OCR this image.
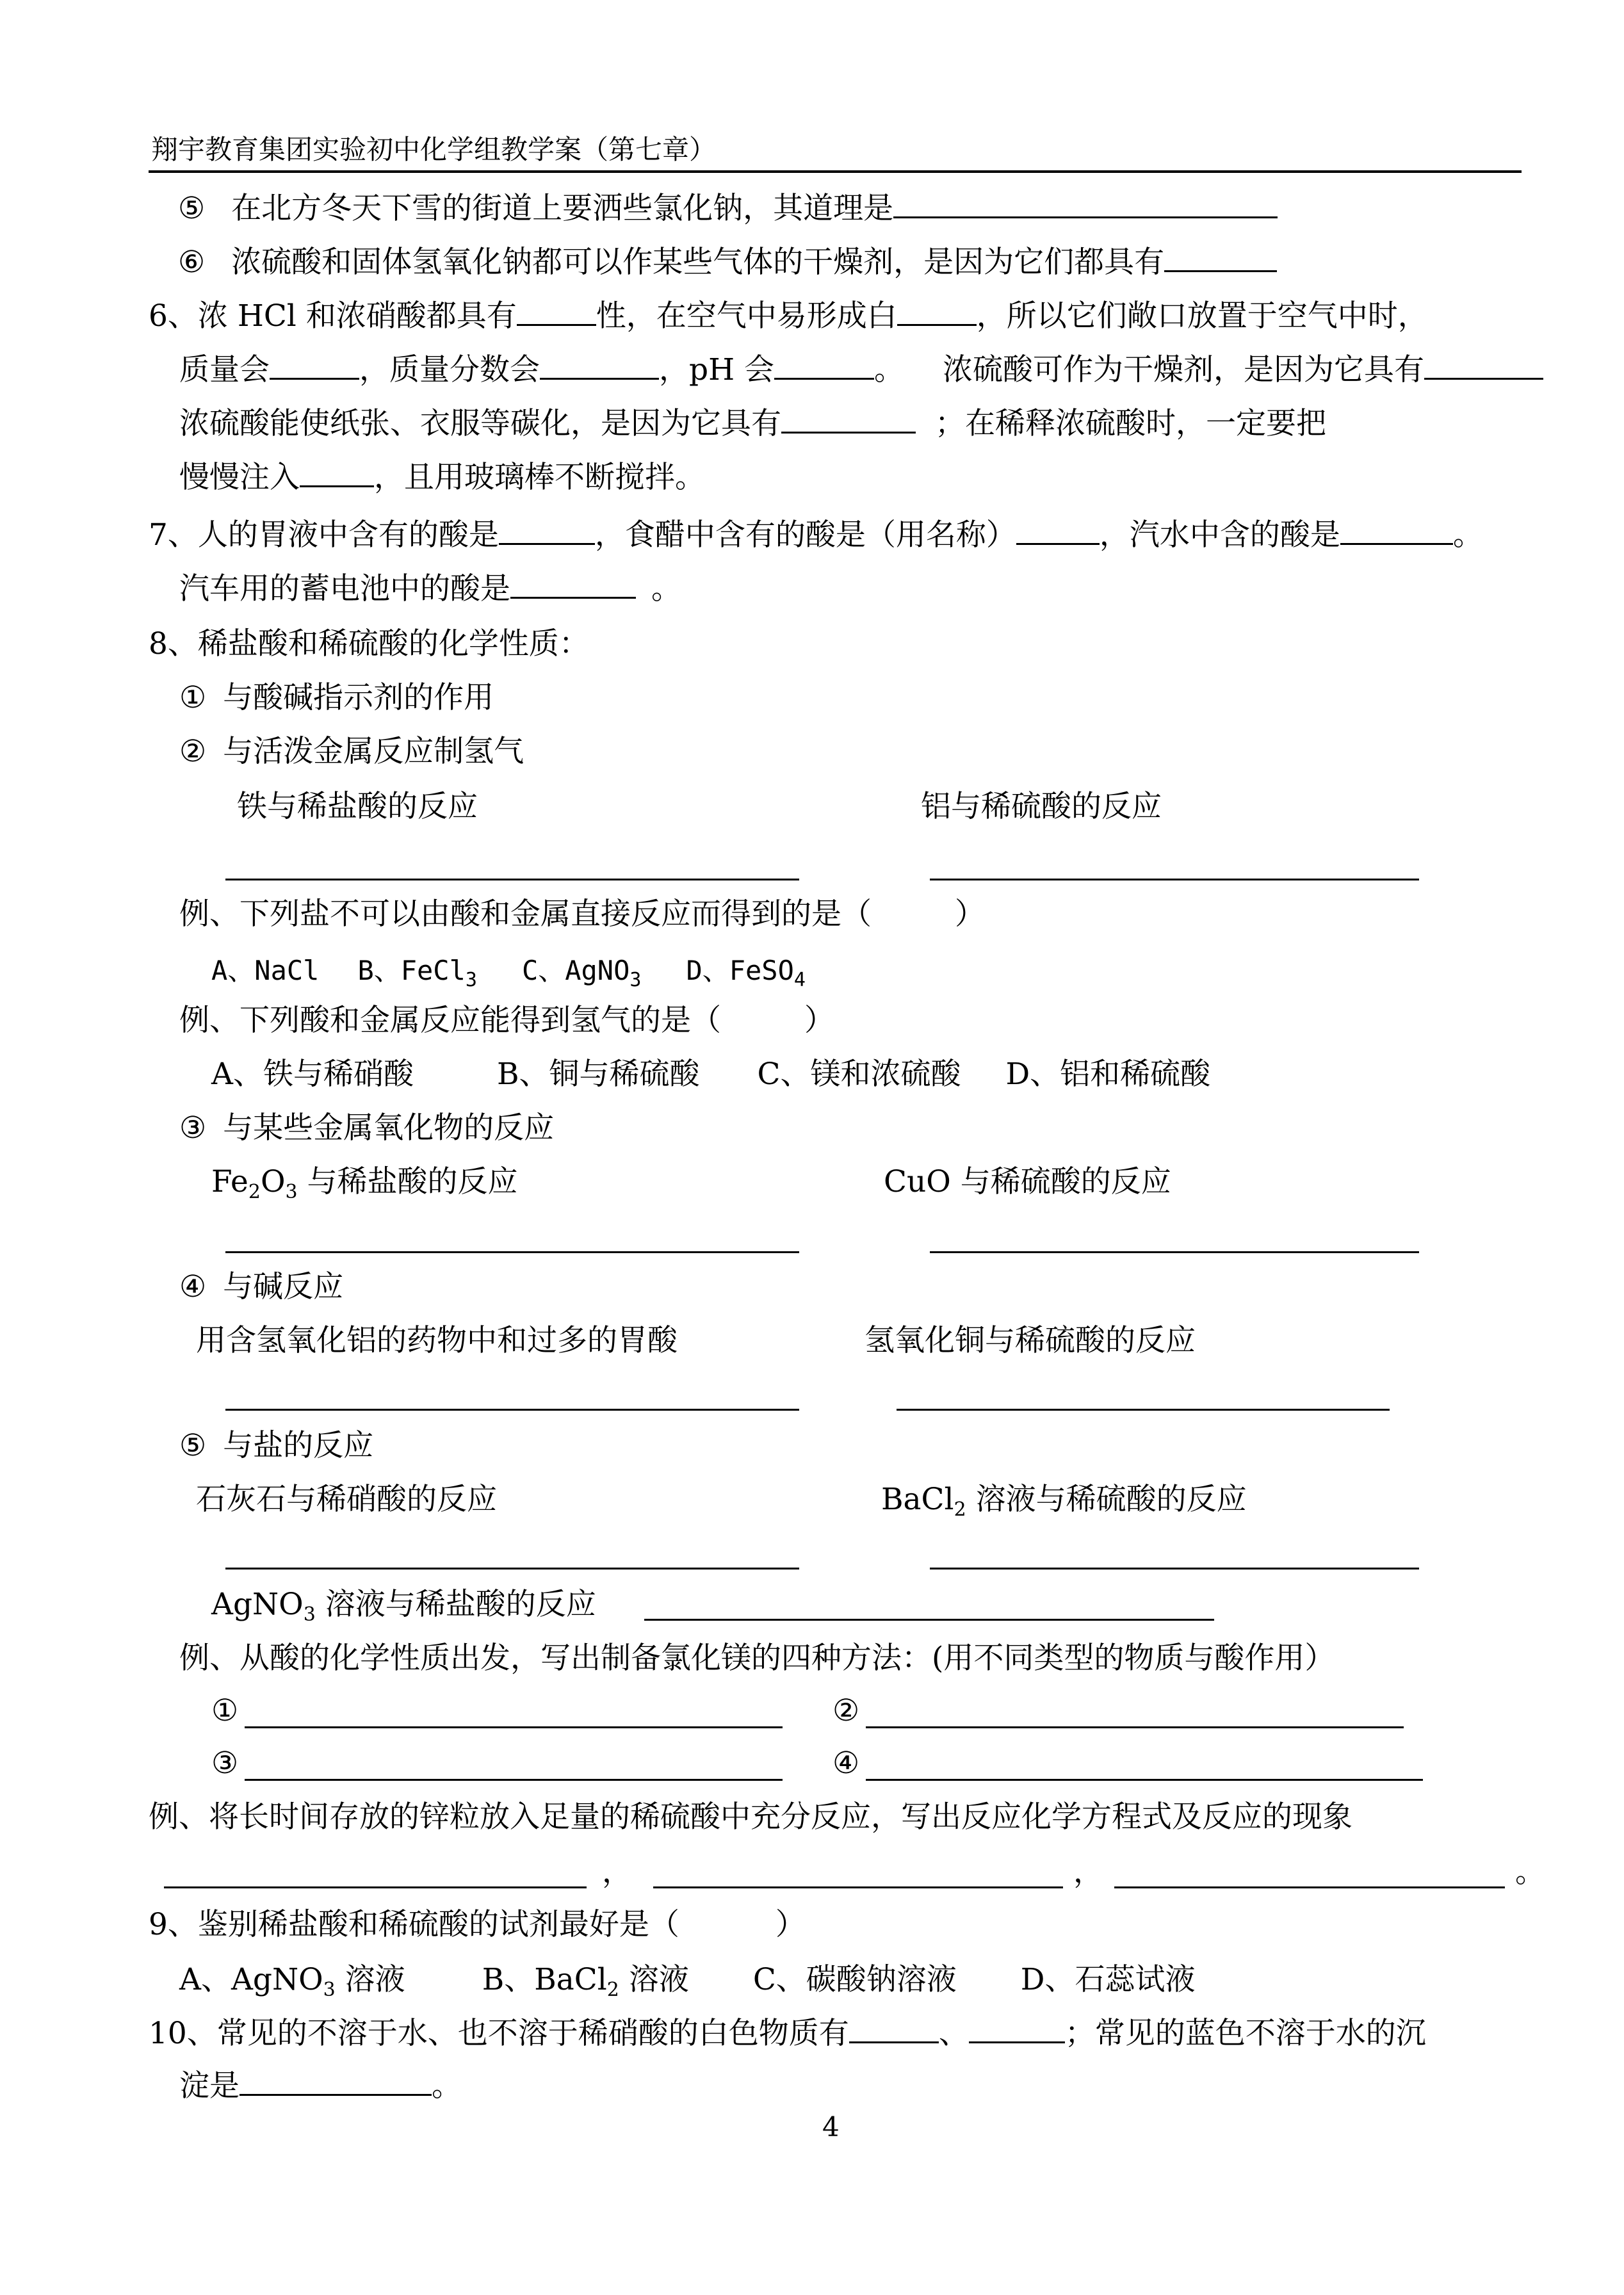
翔宇教育集团实验初中化学组教学案（第七章）
⑤ 在北方冬天下雪的街道上要洒些氯化钠，其道理是
⑥ 浓硫酸和固体氢氧化钠都可以作某些气体的干燥剂，是因为它们都具有
6、浓 HCl 和浓硝酸都具有	性，在空气中易形成白	，所以它们敞口放置于空气中时，
质量会	，质量分数会	，pH 会	。 浓硫酸可作为干燥剂，是因为它具有
浓硫酸能使纸张、衣服等碳化，是因为它具有	；在稀释浓硫酸时，一定要把
慢慢注入 ，且用玻璃棒不断搅拌。
7、人的胃液中含有的酸是	，食醋中含有的酸是（用名称）	，汽水中含的酸是	。
汽车用的蓄电池中的酸是	。
8、稀盐酸和稀硫酸的化学性质：
① 与酸碱指示剂的作用
② 与活泼金属反应制氢气
铁与稀盐酸的反应	铝与稀硫酸的反应
例、下列盐不可以由酸和金属直接反应而得到的是（	）
A、NaCl B、FeCl$_3$ C、AgNO$_3$ D、FeSO$_4$
例、下列酸和金属反应能得到氢气的是（	）
A、铁与稀硝酸	B、铜与稀硫酸 C、镁和浓硫酸 D、铝和稀硫酸
③ 与某些金属氧化物的反应
$Fe_2O_3$ 与稀盐酸的反应	CuO 与稀硫酸的反应
④ 与碱反应
用含氢氧化铝的药物中和过多的胃酸	氢氧化铜与稀硫酸的反应
⑤ 与盐的反应
石灰石与稀硝酸的反应	BaCl$_2$ 溶液与稀硫酸的反应
AgNO$_3$ 溶液与稀盐酸的反应
例、从酸的化学性质出发，写出制备氯化镁的四种方法：(用不同类型的物质与酸作用）
①	②
③	④
例、将长时间存放的锌粒放入足量的稀硫酸中充分反应，写出反应化学方程式及反应的现象
，	，	。
9、鉴别稀盐酸和稀硫酸的试剂最好是（	）
A、AgNO$_3$ 溶液	B、BaCl$_2$ 溶液 C、碳酸钠溶液 D、石蕊试液
10、常见的不溶于水、也不溶于稀硝酸的白色物质有	、	；常见的蓝色不溶于水的沉
淀是	。
4
